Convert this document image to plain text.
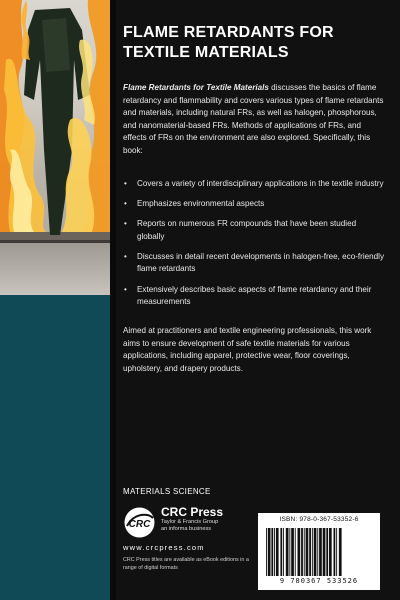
FLAME RETARDANTS FOR
TEXTILE MATERIALS
Flame Retardants for Textile Materials discusses the basics of flame retardancy and flammability and covers various types of flame retardants and materials, including natural FRs, as well as halogen, phosphorous, and nanomaterial-based FRs. Methods of applications of FRs, and effects of FRs on the environment are also explored. Specifically, this book:
• Covers a variety of interdisciplinary applications in the textile industry
• Emphasizes environmental aspects
• Reports on numerous FR compounds that have been studied globally
• Discusses in detail recent developments in halogen-free, eco-friendly flame retardants
• Extensively describes basic aspects of flame retardancy and their measurements
Aimed at practitioners and textile engineering professionals, this work aims to ensure development of safe textile materials for various applications, including apparel, protective wear, floor coverings, upholstery, and drapery products.
MATERIALS SCIENCE
CRC
CRC Press
Taylor & Francis Group
an informa business
www.crcpress.com
CRC Press titles are available as eBook editions in a range of digital formats
ISBN: 978-0-367-53352-6
9 780367 533526
